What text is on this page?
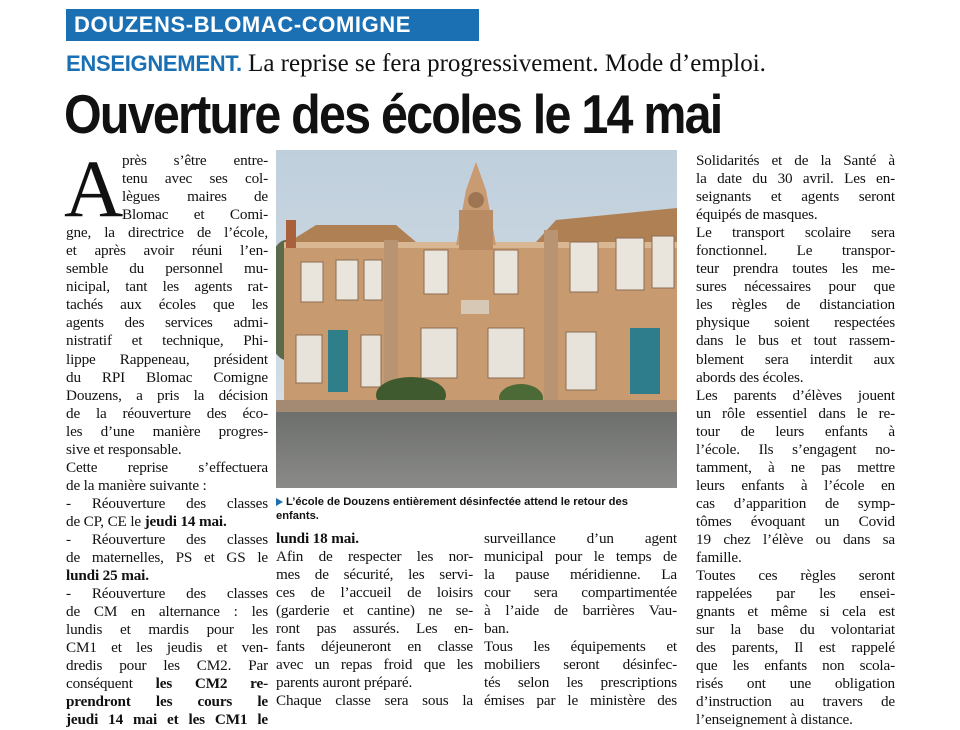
DOUZENS-BLOMAC-COMIGNE
ENSEIGNEMENT. La reprise se fera progressivement. Mode d’emploi.
Ouverture des écoles le 14 mai
A
près s’être entre-
tenu avec ses col-
lègues maires de
Blomac et Comi-
gne, la directrice de l’école,
et après avoir réuni l’en-
semble du personnel mu-
nicipal, tant les agents rat-
tachés aux écoles que les
agents des services admi-
nistratif et technique, Phi-
lippe Rappeneau, président
du RPI Blomac Comigne
Douzens, a pris la décision
de la réouverture des éco-
les d’une manière progres-
sive et responsable.
Cette reprise s’effectuera
de la manière suivante :
- Réouverture des classes
de CP, CE le jeudi 14 mai.
- Réouverture des classes
de maternelles, PS et GS le
lundi 25 mai.
- Réouverture des classes
de CM en alternance : les
lundis et mardis pour les
CM1 et les jeudis et ven-
dredis pour les CM2. Par
conséquent les CM2 re-
prendront les cours le
jeudi 14 mai et les CM1 le
L’école de Douzens entièrement désinfectée attend le retour des
enfants.
lundi 18 mai.
Afin de respecter les nor-
mes de sécurité, les servi-
ces de l’accueil de loisirs
(garderie et cantine) ne se-
ront pas assurés. Les en-
fants déjeuneront en classe
avec un repas froid que les
parents auront préparé.
Chaque classe sera sous la
surveillance d’un agent
municipal pour le temps de
la pause méridienne. La
cour sera compartimentée
à l’aide de barrières Vau-
ban.
Tous les équipements et
mobiliers seront désinfec-
tés selon les prescriptions
émises par le ministère des
Solidarités et de la Santé à
la date du 30 avril. Les en-
seignants et agents seront
équipés de masques.
Le transport scolaire sera
fonctionnel. Le transpor-
teur prendra toutes les me-
sures nécessaires pour que
les règles de distanciation
physique soient respectées
dans le bus et tout rassem-
blement sera interdit aux
abords des écoles.
Les parents d’élèves jouent
un rôle essentiel dans le re-
tour de leurs enfants à
l’école. Ils s’engagent no-
tamment, à ne pas mettre
leurs enfants à l’école en
cas d’apparition de symp-
tômes évoquant un Covid
19 chez l’élève ou dans sa
famille.
Toutes ces règles seront
rappelées par les ensei-
gnants et même si cela est
sur la base du volontariat
des parents, Il est rappelé
que les enfants non scola-
risés ont une obligation
d’instruction au travers de
l’enseignement à distance.
